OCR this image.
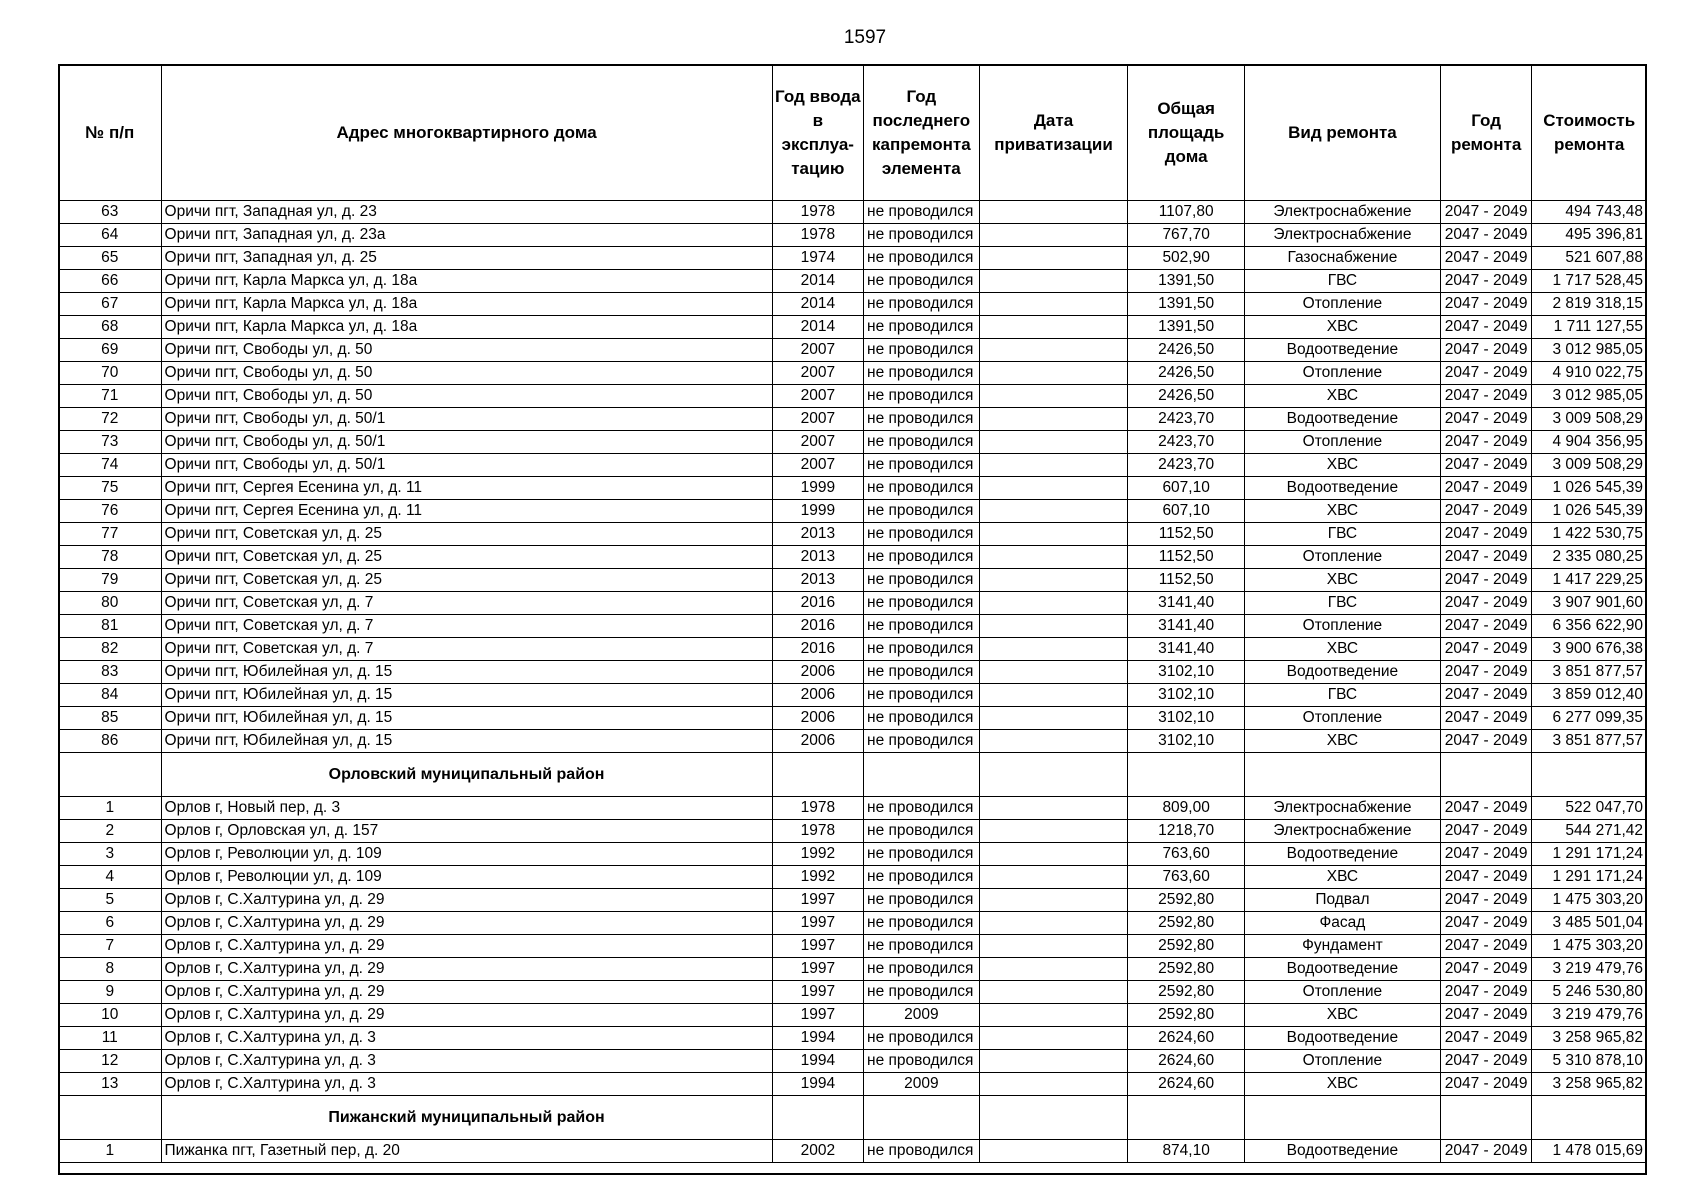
1597
№ п/п	Адрес многоквартирного дома	Год ввода в эксплуа- тацию	Год последнего капремонта элемента	Дата приватизации	Общая площадь дома	Вид ремонта	Год ремонта	Стоимость ремонта
63	Оричи пгт, Западная ул, д. 23	1978	не проводился		1107,80	Электроснабжение	2047 - 2049	494 743,48
64	Оричи пгт, Западная ул, д. 23а	1978	не проводился		767,70	Электроснабжение	2047 - 2049	495 396,81
65	Оричи пгт, Западная ул, д. 25	1974	не проводился		502,90	Газоснабжение	2047 - 2049	521 607,88
66	Оричи пгт, Карла Маркса ул, д. 18а	2014	не проводился		1391,50	ГВС	2047 - 2049	1 717 528,45
67	Оричи пгт, Карла Маркса ул, д. 18а	2014	не проводился		1391,50	Отопление	2047 - 2049	2 819 318,15
68	Оричи пгт, Карла Маркса ул, д. 18а	2014	не проводился		1391,50	ХВС	2047 - 2049	1 711 127,55
69	Оричи пгт, Свободы ул, д. 50	2007	не проводился		2426,50	Водоотведение	2047 - 2049	3 012 985,05
70	Оричи пгт, Свободы ул, д. 50	2007	не проводился		2426,50	Отопление	2047 - 2049	4 910 022,75
71	Оричи пгт, Свободы ул, д. 50	2007	не проводился		2426,50	ХВС	2047 - 2049	3 012 985,05
72	Оричи пгт, Свободы ул, д. 50/1	2007	не проводился		2423,70	Водоотведение	2047 - 2049	3 009 508,29
73	Оричи пгт, Свободы ул, д. 50/1	2007	не проводился		2423,70	Отопление	2047 - 2049	4 904 356,95
74	Оричи пгт, Свободы ул, д. 50/1	2007	не проводился		2423,70	ХВС	2047 - 2049	3 009 508,29
75	Оричи пгт, Сергея Есенина ул, д. 11	1999	не проводился		607,10	Водоотведение	2047 - 2049	1 026 545,39
76	Оричи пгт, Сергея Есенина ул, д. 11	1999	не проводился		607,10	ХВС	2047 - 2049	1 026 545,39
77	Оричи пгт, Советская ул, д. 25	2013	не проводился		1152,50	ГВС	2047 - 2049	1 422 530,75
78	Оричи пгт, Советская ул, д. 25	2013	не проводился		1152,50	Отопление	2047 - 2049	2 335 080,25
79	Оричи пгт, Советская ул, д. 25	2013	не проводился		1152,50	ХВС	2047 - 2049	1 417 229,25
80	Оричи пгт, Советская ул, д. 7	2016	не проводился		3141,40	ГВС	2047 - 2049	3 907 901,60
81	Оричи пгт, Советская ул, д. 7	2016	не проводился		3141,40	Отопление	2047 - 2049	6 356 622,90
82	Оричи пгт, Советская ул, д. 7	2016	не проводился		3141,40	ХВС	2047 - 2049	3 900 676,38
83	Оричи пгт, Юбилейная ул, д. 15	2006	не проводился		3102,10	Водоотведение	2047 - 2049	3 851 877,57
84	Оричи пгт, Юбилейная ул, д. 15	2006	не проводился		3102,10	ГВС	2047 - 2049	3 859 012,40
85	Оричи пгт, Юбилейная ул, д. 15	2006	не проводился		3102,10	Отопление	2047 - 2049	6 277 099,35
86	Оричи пгт, Юбилейная ул, д. 15	2006	не проводился		3102,10	ХВС	2047 - 2049	3 851 877,57
	Орловский муниципальный район							
1	Орлов г, Новый пер, д. 3	1978	не проводился		809,00	Электроснабжение	2047 - 2049	522 047,70
2	Орлов г, Орловская ул, д. 157	1978	не проводился		1218,70	Электроснабжение	2047 - 2049	544 271,42
3	Орлов г, Революции ул, д. 109	1992	не проводился		763,60	Водоотведение	2047 - 2049	1 291 171,24
4	Орлов г, Революции ул, д. 109	1992	не проводился		763,60	ХВС	2047 - 2049	1 291 171,24
5	Орлов г, С.Халтурина ул, д. 29	1997	не проводился		2592,80	Подвал	2047 - 2049	1 475 303,20
6	Орлов г, С.Халтурина ул, д. 29	1997	не проводился		2592,80	Фасад	2047 - 2049	3 485 501,04
7	Орлов г, С.Халтурина ул, д. 29	1997	не проводился		2592,80	Фундамент	2047 - 2049	1 475 303,20
8	Орлов г, С.Халтурина ул, д. 29	1997	не проводился		2592,80	Водоотведение	2047 - 2049	3 219 479,76
9	Орлов г, С.Халтурина ул, д. 29	1997	не проводился		2592,80	Отопление	2047 - 2049	5 246 530,80
10	Орлов г, С.Халтурина ул, д. 29	1997	2009		2592,80	ХВС	2047 - 2049	3 219 479,76
11	Орлов г, С.Халтурина ул, д. 3	1994	не проводился		2624,60	Водоотведение	2047 - 2049	3 258 965,82
12	Орлов г, С.Халтурина ул, д. 3	1994	не проводился		2624,60	Отопление	2047 - 2049	5 310 878,10
13	Орлов г, С.Халтурина ул, д. 3	1994	2009		2624,60	ХВС	2047 - 2049	3 258 965,82
	Пижанский муниципальный район							
1	Пижанка пгт, Газетный пер, д. 20	2002	не проводился		874,10	Водоотведение	2047 - 2049	1 478 015,69
